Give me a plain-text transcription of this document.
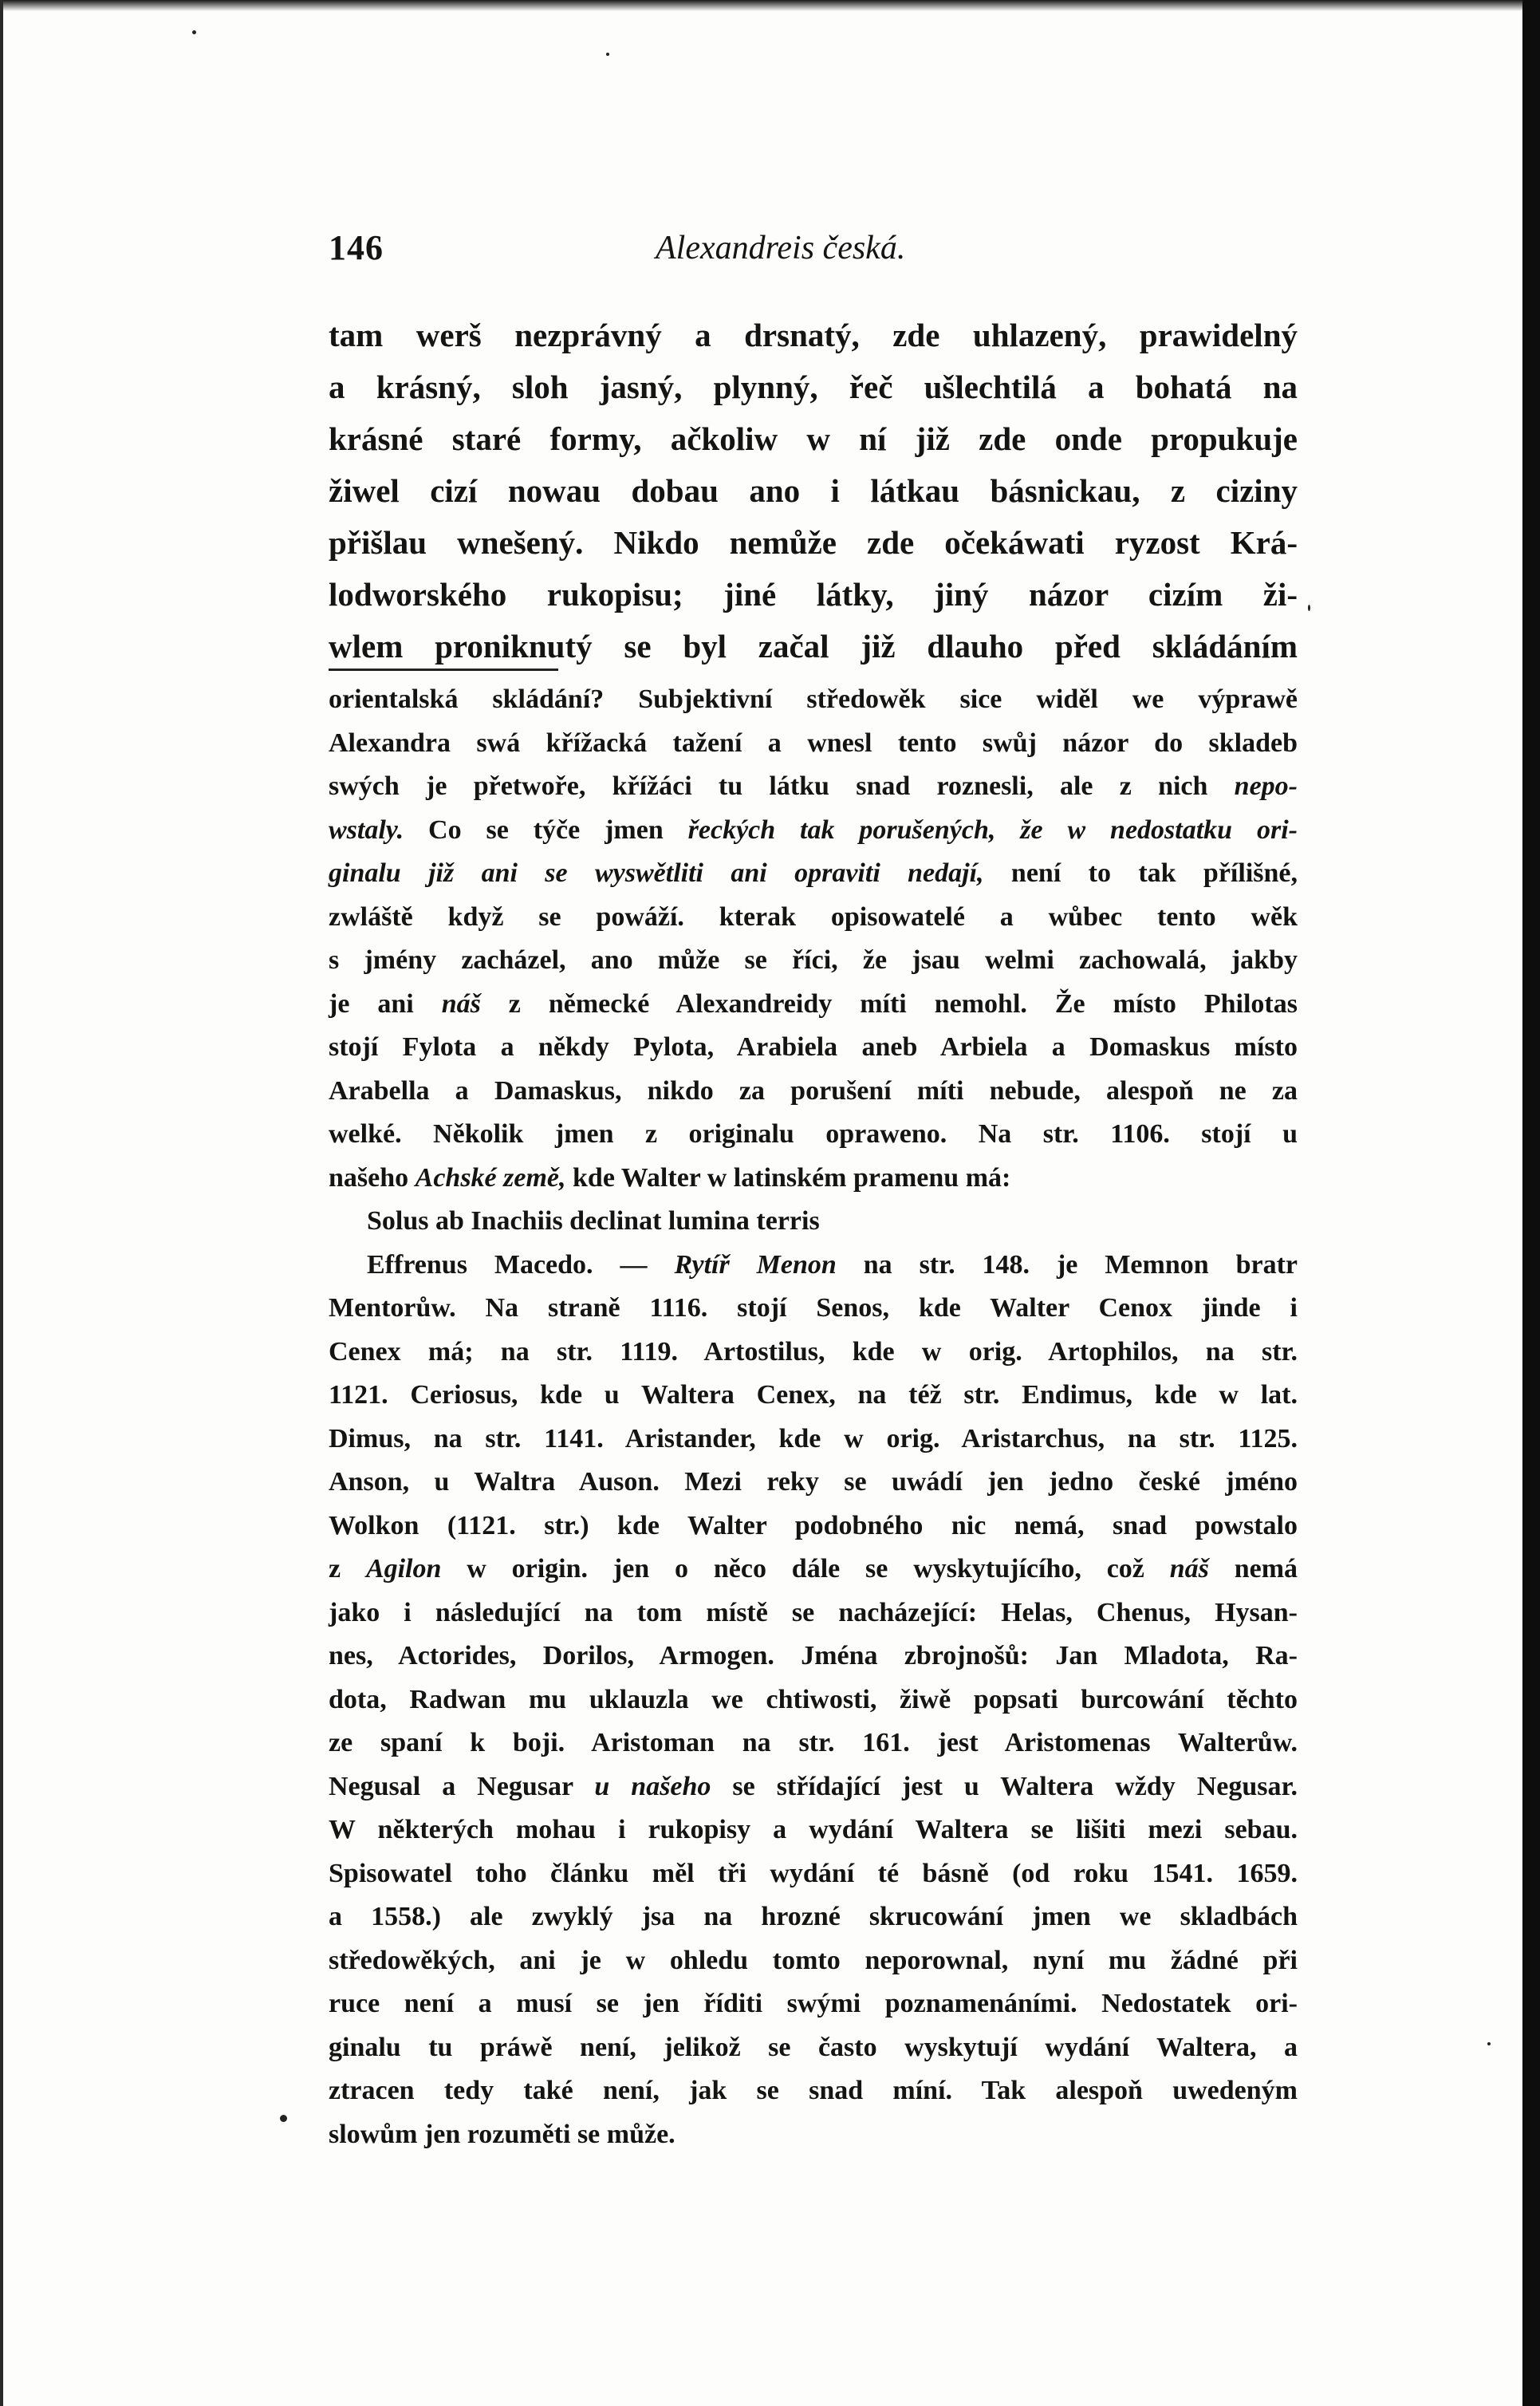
146	Alexandreis česká.
tam werš nezprávný a drsnatý, zde uhlazený, prawidelný
a krásný, sloh jasný, plynný, řeč ušlechtilá a bohatá na
krásné staré formy, ačkoliw w ní již zde onde propukuje
žiwel cizí nowau dobau ano i látkau básnickau, z ciziny
přišlau wnešený. Nikdo nemůže zde očekáwati ryzost Krá-
lodworského rukopisu; jiné látky, jiný názor cizím ži-
wlem proniknutý se byl začal již dlauho před skládáním
orientalská skládání? Subjektivní středowěk sice widěl we výprawě
Alexandra swá křížacká tažení a wnesl tento swůj názor do skladeb
swých je přetwoře, křížáci tu látku snad roznesli, ale z nich nepo-
wstaly. Co se týče jmen řeckých tak porušených, že w nedostatku ori-
ginalu již ani se wyswětliti ani opraviti nedají, není to tak přílišné,
zwláště když se powáží. kterak opisowatelé a wůbec tento wěk
s jmény zacházel, ano může se říci, že jsau welmi zachowalá, jakby
je ani náš z německé Alexandreidy míti nemohl. Že místo Philotas
stojí Fylota a někdy Pylota, Arabiela aneb Arbiela a Domaskus místo
Arabella a Damaskus, nikdo za porušení míti nebude, alespoň ne za
welké. Několik jmen z originalu oprawenо. Na str. 1106. stojí u
našeho Achské země, kde Walter w latinském pramenu má:
Solus ab Inachiis declinat lumina terris
Effrenus Macedo. — Rytíř Menon na str. 148. je Memnon bratr
Mentorůw. Na straně 1116. stojí Senos, kde Walter Cenox jinde i
Cenex má; na str. 1119. Artostilus, kde w orig. Artophilos, na str.
1121. Ceriosus, kde u Waltera Cenex, na též str. Endimus, kde w lat.
Dimus, na str. 1141. Aristander, kde w orig. Aristarchus, na str. 1125.
Anson, u Waltra Auson. Mezi reky se uwádí jen jedno české jméno
Wolkon (1121. str.) kde Walter podobného nic nemá, snad powstalo
z Agilon w origin. jen o něco dále se wyskytujícího, což náš nemá
jako i následující na tom místě se nacházející: Helas, Chenus, Hysan-
nes, Actorides, Dorilos, Armogen. Jména zbrojnošů: Jan Mladota, Ra-
dota, Radwan mu uklauzla we chtiwosti, žiwě popsati burcowání těchto
ze spaní k boji. Aristoman na str. 161. jest Aristomenas Walterůw.
Negusal a Negusar u našeho se střídající jest u Waltera wždy Negusar.
W některých mohau i rukopisy a wydání Waltera se lišiti mezi sebau.
Spisowatel toho článku měl tři wydání té básně (od roku 1541. 1659.
a 1558.) ale zwyklý jsa na hrozné skrucowání jmen we skladbách
středowěkých, ani je w ohledu tomto neporownal, nyní mu žádné při
ruce není a musí se jen říditi swými poznamenáními. Nedostatek ori-
ginalu tu práwě není, jelikož se často wyskytují wydání Waltera, a
ztracen tedy také není, jak se snad míní. Tak alespoň uwedeným
slowům jen rozuměti se může.
